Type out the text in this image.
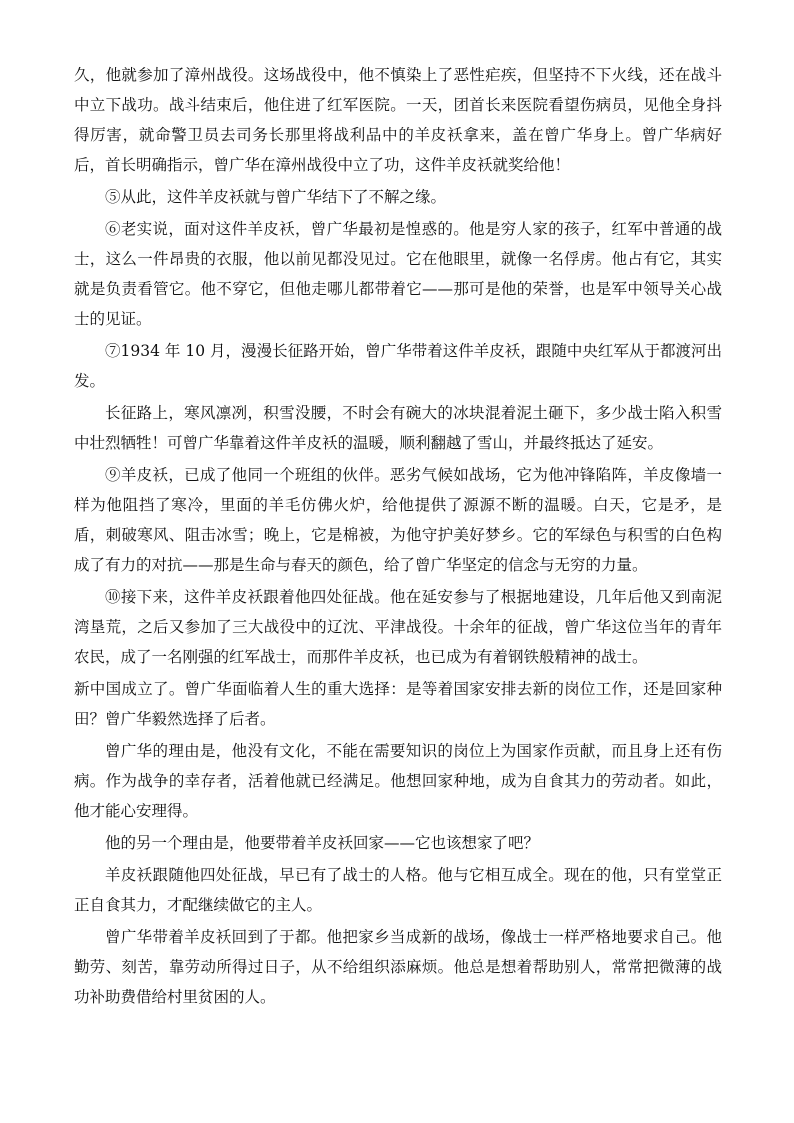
久，他就参加了漳州战役。这场战役中，他不慎染上了恶性疟疾，但坚持不下火线，还在战斗中立下战功。战斗结束后，他住进了红军医院。一天，团首长来医院看望伤病员，见他全身抖得厉害，就命警卫员去司务长那里将战利品中的羊皮袄拿来，盖在曾广华身上。曾广华病好后，首长明确指示，曾广华在漳州战役中立了功，这件羊皮袄就奖给他！

⑤从此，这件羊皮袄就与曾广华结下了不解之缘。

⑥老实说，面对这件羊皮袄，曾广华最初是惶惑的。他是穷人家的孩子，红军中普通的战士，这么一件昂贵的衣服，他以前见都没见过。它在他眼里，就像一名俘虏。他占有它，其实就是负责看管它。他不穿它，但他走哪儿都带着它——那可是他的荣誉，也是军中领导关心战士的见证。

⑦1934 年 10 月，漫漫长征路开始，曾广华带着这件羊皮袄，跟随中央红军从于都渡河出发。

长征路上，寒风凛冽，积雪没腰，不时会有碗大的冰块混着泥土砸下，多少战士陷入积雪中壮烈牺牲！可曾广华靠着这件羊皮袄的温暖，顺利翻越了雪山，并最终抵达了延安。

⑨羊皮袄，已成了他同一个班组的伙伴。恶劣气候如战场，它为他冲锋陷阵，羊皮像墙一样为他阻挡了寒冷，里面的羊毛仿佛火炉，给他提供了源源不断的温暖。白天，它是矛，是盾，刺破寒风、阻击冰雪；晚上，它是棉被，为他守护美好梦乡。它的军绿色与积雪的白色构成了有力的对抗——那是生命与春天的颜色，给了曾广华坚定的信念与无穷的力量。

⑩接下来，这件羊皮袄跟着他四处征战。他在延安参与了根据地建设，几年后他又到南泥湾垦荒，之后又参加了三大战役中的辽沈、平津战役。十余年的征战，曾广华这位当年的青年农民，成了一名刚强的红军战士，而那件羊皮袄，也已成为有着钢铁般精神的战士。

新中国成立了。曾广华面临着人生的重大选择：是等着国家安排去新的岗位工作，还是回家种田？曾广华毅然选择了后者。

曾广华的理由是，他没有文化，不能在需要知识的岗位上为国家作贡献，而且身上还有伤病。作为战争的幸存者，活着他就已经满足。他想回家种地，成为自食其力的劳动者。如此，他才能心安理得。

他的另一个理由是，他要带着羊皮袄回家——它也该想家了吧？

羊皮袄跟随他四处征战，早已有了战士的人格。他与它相互成全。现在的他，只有堂堂正正自食其力，才配继续做它的主人。

曾广华带着羊皮袄回到了于都。他把家乡当成新的战场，像战士一样严格地要求自己。他勤劳、刻苦，靠劳动所得过日子，从不给组织添麻烦。他总是想着帮助别人，常常把微薄的战功补助费借给村里贫困的人。
